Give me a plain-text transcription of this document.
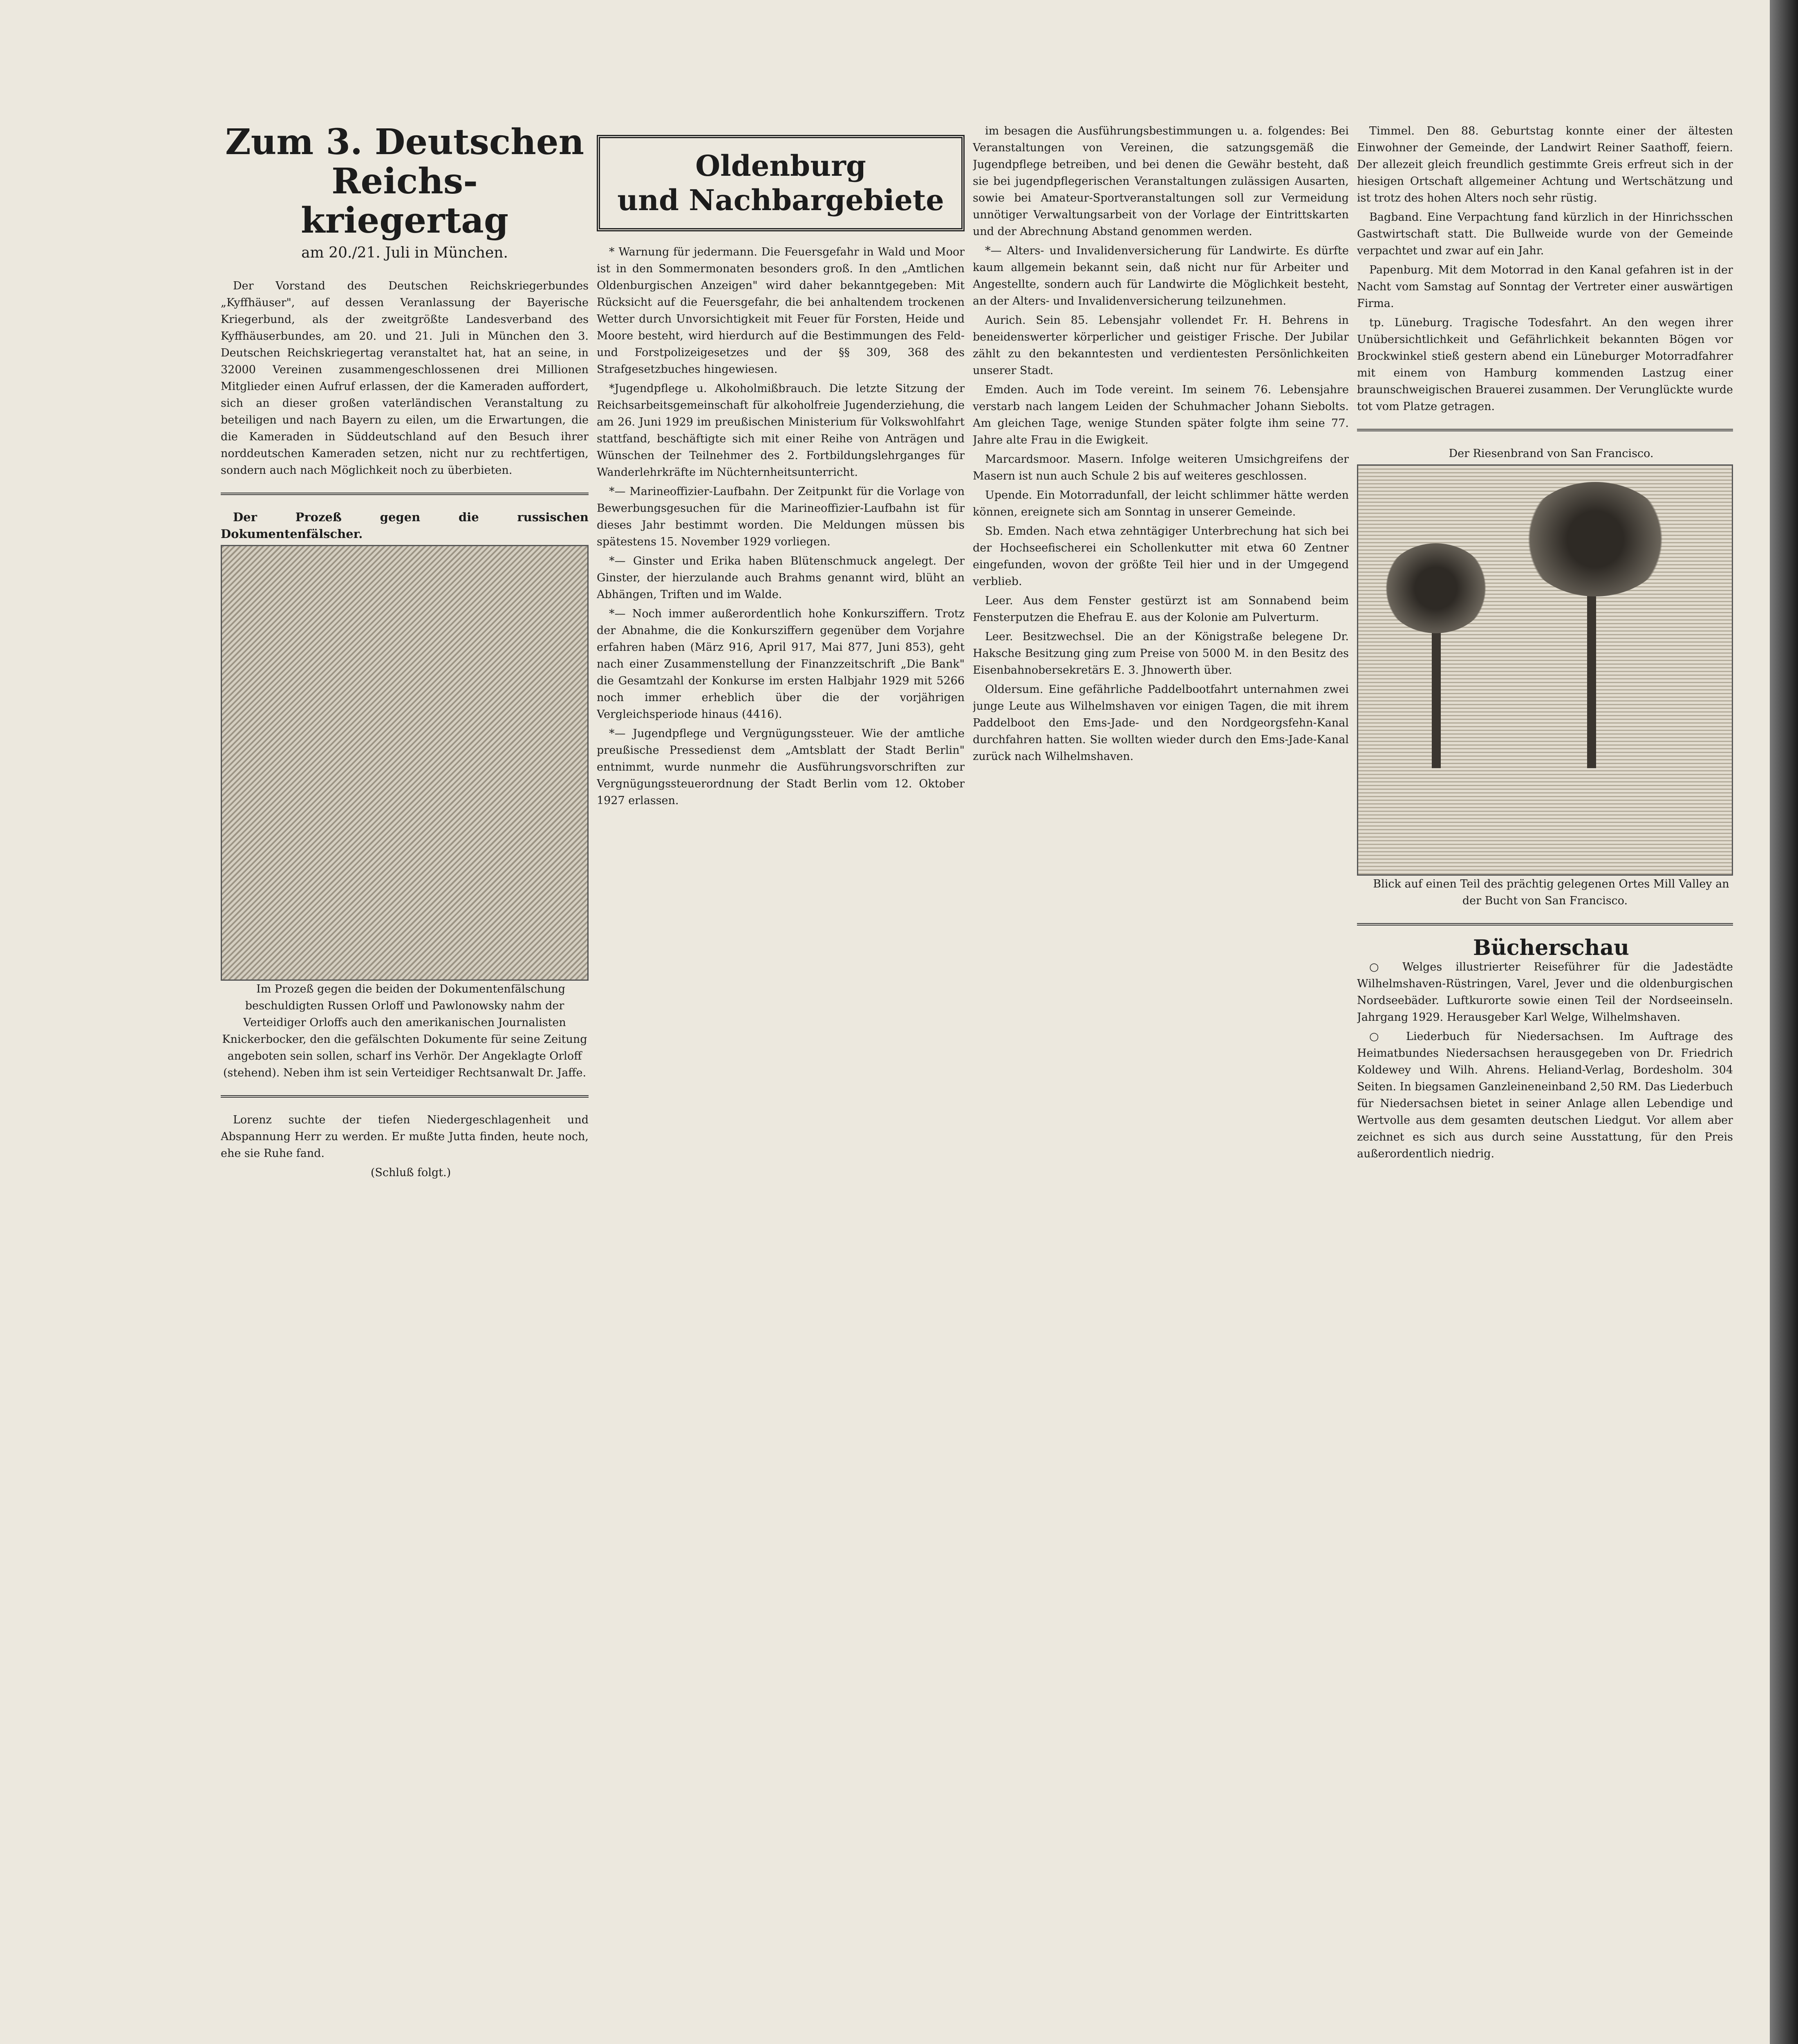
Zum 3. Deutschen Reichs-

kriegertag

am 20./21. Juli in München.

Der Vorstand des Deutschen Reichskriegerbundes „Kyffhäuser", auf dessen Veranlassung der Bayerische Kriegerbund, als der zweitgrößte Landesverband des Kyffhäuserbundes, am 20. und 21. Juli in München den 3. Deutschen Reichskriegertag veranstaltet hat, hat an seine, in 32000 Vereinen zusammengeschlossenen drei Millionen Mitglieder einen Aufruf erlassen, der die Kameraden auffordert, sich an dieser großen vaterländischen Veranstaltung zu beteiligen und nach Bayern zu eilen, um die Erwartungen, die die Kameraden in Süddeutschland auf den Besuch ihrer norddeutschen Kameraden setzen, nicht nur zu rechtfertigen, sondern auch nach Möglichkeit noch zu überbieten.

Der Prozeß gegen die russischen Dokumentenfälscher.

Im Prozeß gegen die beiden der Dokumentenfälschung beschuldigten Russen Orloff und Pawlonowsky nahm der Verteidiger Orloffs auch den amerikanischen Journalisten Knickerbocker, den die gefälschten Dokumente für seine Zeitung angeboten sein sollen, scharf ins Verhör. Der Angeklagte Orloff (stehend). Neben ihm ist sein Verteidiger Rechtsanwalt Dr. Jaffe.

Lorenz suchte der tiefen Niedergeschlagenheit und Abspannung Herr zu werden. Er mußte Jutta finden, heute noch, ehe sie Ruhe fand.

(Schluß folgt.)

Oldenburg
und Nachbargebiete

* Warnung für jedermann. Die Feuersgefahr in Wald und Moor ist in den Sommermonaten besonders groß. In den „Amtlichen Oldenburgischen Anzeigen" wird daher bekanntgegeben: Mit Rücksicht auf die Feuersgefahr, die bei anhaltendem trockenen Wetter durch Unvorsichtigkeit mit Feuer für Forsten, Heide und Moore besteht, wird hierdurch auf die Bestimmungen des Feld- und Forstpolizeigesetzes und der §§ 309, 368 des Strafgesetzbuches hingewiesen.

*Jugendpflege u. Alkoholmißbrauch. Die letzte Sitzung der Reichsarbeitsgemeinschaft für alkoholfreie Jugenderziehung, die am 26. Juni 1929 im preußischen Ministerium für Volkswohlfahrt stattfand, beschäftigte sich mit einer Reihe von Anträgen und Wünschen der Teilnehmer des 2. Fortbildungslehrganges für Wanderlehrkräfte im Nüchternheitsunterricht.

*— Marineoffizier-Laufbahn. Der Zeitpunkt für die Vorlage von Bewerbungsgesuchen für die Marineoffizier-Laufbahn ist für dieses Jahr bestimmt worden. Die Meldungen müssen bis spätestens 15. November 1929 vorliegen.

*— Ginster und Erika haben Blütenschmuck angelegt. Der Ginster, der hierzulande auch Brahms genannt wird, blüht an Abhängen, Triften und im Walde.

*— Noch immer außerordentlich hohe Konkursziffern. Trotz der Abnahme, die die Konkursziffern gegenüber dem Vorjahre erfahren haben (März 916, April 917, Mai 877, Juni 853), geht nach einer Zusammenstellung der Finanzzeitschrift „Die Bank" die Gesamtzahl der Konkurse im ersten Halbjahr 1929 mit 5266 noch immer erheblich über die der vorjährigen Vergleichsperiode hinaus (4416).

*— Jugendpflege und Vergnügungssteuer. Wie der amtliche preußische Pressedienst dem „Amtsblatt der Stadt Berlin" entnimmt, wurde nunmehr die Ausführungsvorschriften zur Vergnügungssteuerordnung der Stadt Berlin vom 12. Oktober 1927 erlassen.

im besagen die Ausführungsbestimmungen u. a. folgendes: Bei Veranstaltungen von Vereinen, die satzungsgemäß die Jugendpflege betreiben, und bei denen die Gewähr besteht, daß sie bei jugendpflegerischen Veranstaltungen zulässigen Ausarten, sowie bei Amateur-Sportveranstaltungen soll zur Vermeidung unnötiger Verwaltungsarbeit von der Vorlage der Eintrittskarten und der Abrechnung Abstand genommen werden.

*— Alters- und Invalidenversicherung für Landwirte. Es dürfte kaum allgemein bekannt sein, daß nicht nur für Arbeiter und Angestellte, sondern auch für Landwirte die Möglichkeit besteht, an der Alters- und Invalidenversicherung teilzunehmen.

Aurich. Sein 85. Lebensjahr vollendet Fr. H. Behrens in beneidenswerter körperlicher und geistiger Frische. Der Jubilar zählt zu den bekanntesten und verdientesten Persönlichkeiten unserer Stadt.

Emden. Auch im Tode vereint. Im seinem 76. Lebensjahre verstarb nach langem Leiden der Schuhmacher Johann Siebolts. Am gleichen Tage, wenige Stunden später folgte ihm seine 77. Jahre alte Frau in die Ewigkeit.

Marcardsmoor. Masern. Infolge weiteren Umsichgreifens der Masern ist nun auch Schule 2 bis auf weiteres geschlossen.

Upende. Ein Motorradunfall, der leicht schlimmer hätte werden können, ereignete sich am Sonntag in unserer Gemeinde.

Sb. Emden. Nach etwa zehntägiger Unterbrechung hat sich bei der Hochseefischerei ein Schollenkutter mit etwa 60 Zentner eingefunden, wovon der größte Teil hier und in der Umgegend verblieb.

Leer. Aus dem Fenster gestürzt ist am Sonnabend beim Fensterputzen die Ehefrau E. aus der Kolonie am Pulverturm.

Leer. Besitzwechsel. Die an der Königstraße belegene Dr. Haksche Besitzung ging zum Preise von 5000 M. in den Besitz des Eisenbahnobersekretärs E. 3. Jhnowerth über.

Oldersum. Eine gefährliche Paddelbootfahrt unternahmen zwei junge Leute aus Wilhelmshaven vor einigen Tagen, die mit ihrem Paddelboot den Ems-Jade- und den Nordgeorgsfehn-Kanal durchfahren hatten. Sie wollten wieder durch den Ems-Jade-Kanal zurück nach Wilhelmshaven.

Timmel. Den 88. Geburtstag konnte einer der ältesten Einwohner der Gemeinde, der Landwirt Reiner Saathoff, feiern. Der allezeit gleich freundlich gestimmte Greis erfreut sich in der hiesigen Ortschaft allgemeiner Achtung und Wertschätzung und ist trotz des hohen Alters noch sehr rüstig.

Bagband. Eine Verpachtung fand kürzlich in der Hinrichsschen Gastwirtschaft statt. Die Bullweide wurde von der Gemeinde verpachtet und zwar auf ein Jahr.

Papenburg. Mit dem Motorrad in den Kanal gefahren ist in der Nacht vom Samstag auf Sonntag der Vertreter einer auswärtigen Firma.

tp. Lüneburg. Tragische Todesfahrt. An den wegen ihrer Unübersichtlichkeit und Gefährlichkeit bekannten Bögen vor Brockwinkel stieß gestern abend ein Lüneburger Motorradfahrer mit einem von Hamburg kommenden Lastzug einer braunschweigischen Brauerei zusammen. Der Verunglückte wurde tot vom Platze getragen.

Der Riesenbrand von San Francisco.

Blick auf einen Teil des prächtig gelegenen Ortes Mill Valley an der Bucht von San Francisco.

Bücherschau

○ Welges illustrierter Reiseführer für die Jadestädte Wilhelmshaven-Rüstringen, Varel, Jever und die oldenburgischen Nordseebäder. Luftkurorte sowie einen Teil der Nordseeinseln. Jahrgang 1929. Herausgeber Karl Welge, Wilhelmshaven.

○ Liederbuch für Niedersachsen. Im Auftrage des Heimatbundes Niedersachsen herausgegeben von Dr. Friedrich Koldewey und Wilh. Ahrens. Heliand-Verlag, Bordesholm. 304 Seiten. In biegsamen Ganzleineneinband 2,50 RM. Das Liederbuch für Niedersachsen bietet in seiner Anlage allen Lebendige und Wertvolle aus dem gesamten deutschen Liedgut. Vor allem aber zeichnet es sich aus durch seine Ausstattung, für den Preis außerordentlich niedrig.
